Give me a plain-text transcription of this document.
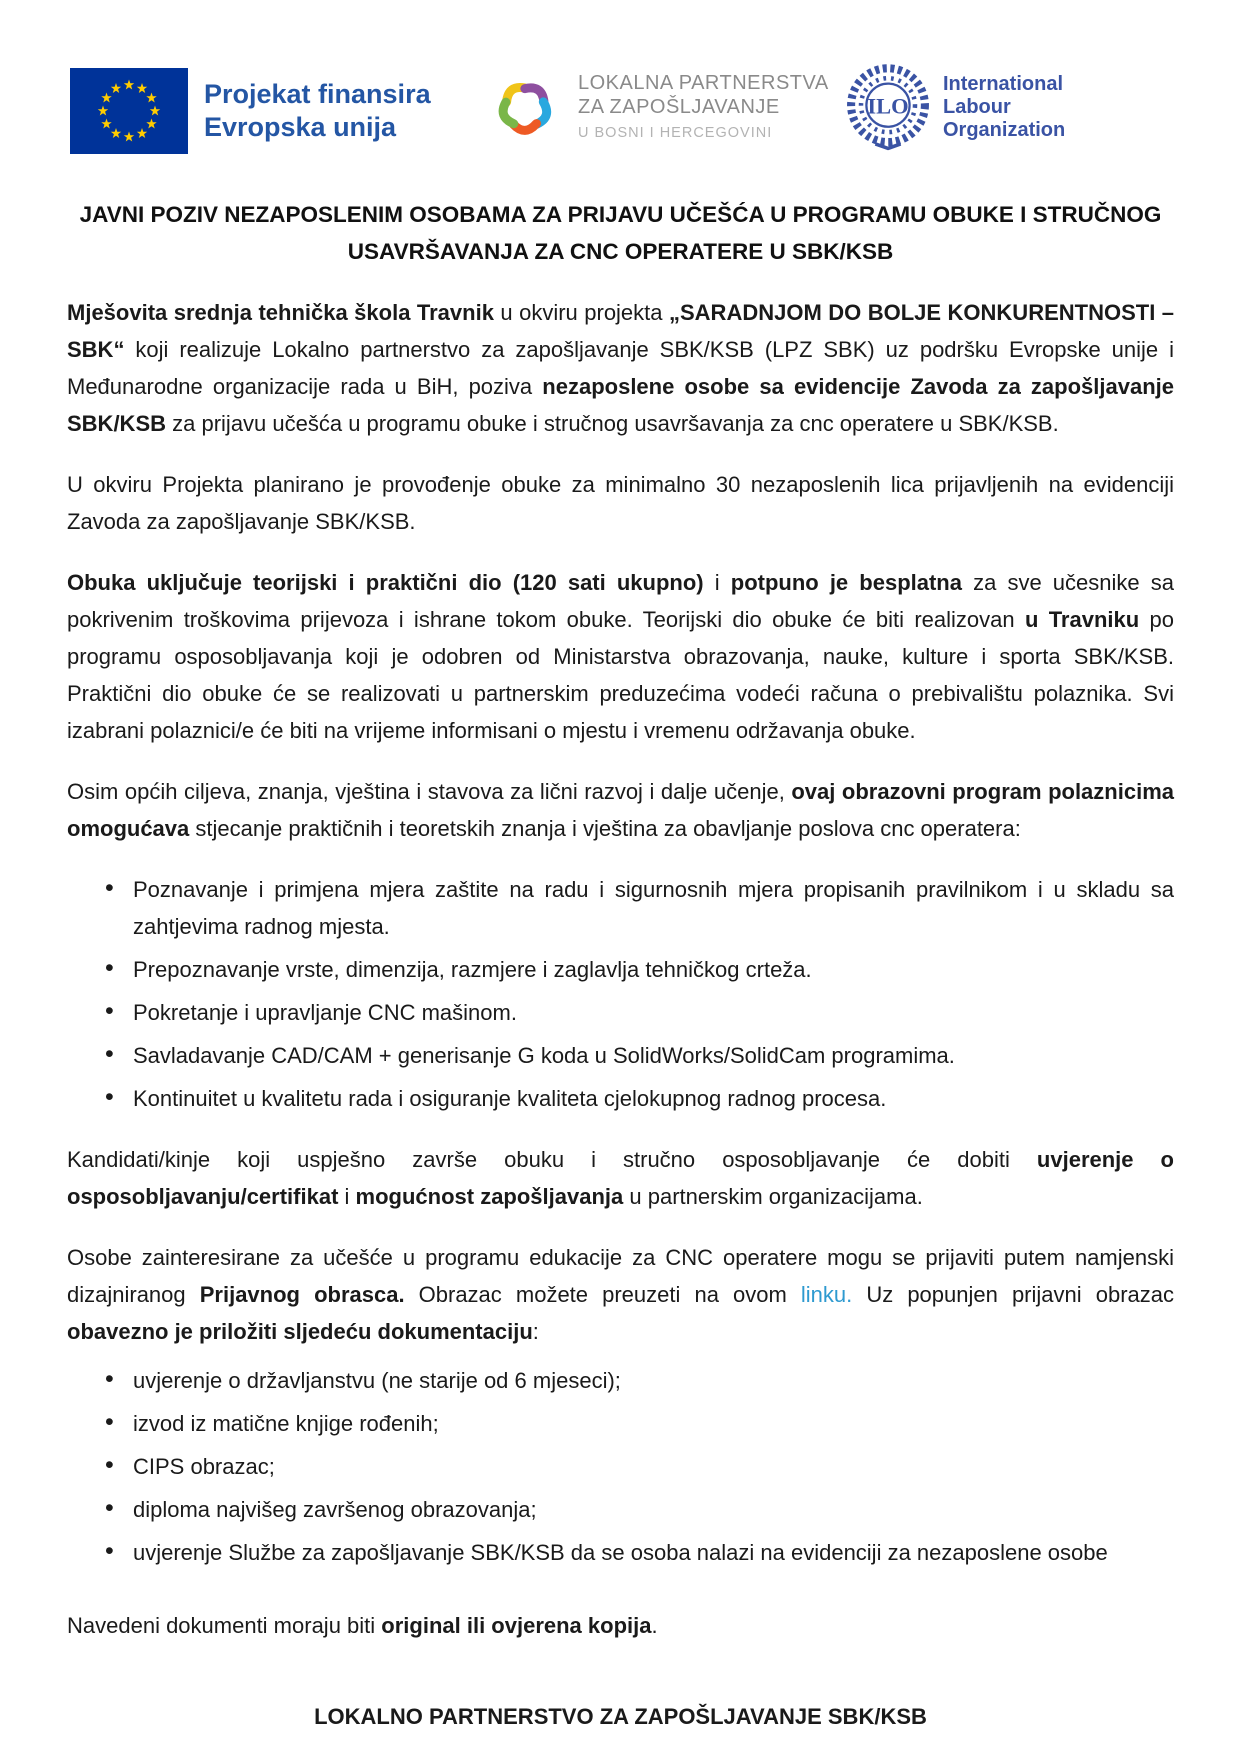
Projekat finansira
Evropska unija
LOKALNA PARTNERSTVA
ZA ZAPOŠLJAVANJE
U BOSNI I HERCEGOVINI
ILO
International
Labour
Organization
JAVNI POZIV NEZAPOSLENIM OSOBAMA ZA PRIJAVU UČEŠĆA U PROGRAMU OBUKE I STRUČNOG
USAVRŠAVANJA ZA CNC OPERATERE U SBK/KSB

Mješovita srednja tehnička škola Travnik u okviru projekta „SARADNJOM DO BOLJE KONKURENTNOSTI – SBK“ koji realizuje Lokalno partnerstvo za zapošljavanje SBK/KSB (LPZ SBK) uz podršku Evropske unije i Međunarodne organizacije rada u BiH, poziva nezaposlene osobe sa evidencije Zavoda za zapošljavanje SBK/KSB za prijavu učešća u programu obuke i stručnog usavršavanja za cnc operatere u SBK/KSB.

U okviru Projekta planirano je provođenje obuke za minimalno 30 nezaposlenih lica prijavljenih na evidenciji Zavoda za zapošljavanje SBK/KSB.

Obuka uključuje teorijski i praktični dio (120 sati ukupno) i potpuno je besplatna za sve učesnike sa pokrivenim troškovima prijevoza i ishrane tokom obuke. Teorijski dio obuke će biti realizovan u Travniku po programu osposobljavanja koji je odobren od Ministarstva obrazovanja, nauke, kulture i sporta SBK/KSB. Praktični dio obuke će se realizovati u partnerskim preduzećima vodeći računa o prebivalištu polaznika. Svi izabrani polaznici/e će biti na vrijeme informisani o mjestu i vremenu održavanja obuke.

Osim općih ciljeva, znanja, vještina i stavova za lični razvoj i dalje učenje, ovaj obrazovni program polaznicima omogućava stjecanje praktičnih i teoretskih znanja i vještina za obavljanje poslova cnc operatera:

• Poznavanje i primjena mjera zaštite na radu i sigurnosnih mjera propisanih pravilnikom i u skladu sa zahtjevima radnog mjesta.
• Prepoznavanje vrste, dimenzija, razmjere i zaglavlja tehničkog crteža.
• Pokretanje i upravljanje CNC mašinom.
• Savladavanje CAD/CAM + generisanje G koda u SolidWorks/SolidCam programima.
• Kontinuitet u kvalitetu rada i osiguranje kvaliteta cjelokupnog radnog procesa.

Kandidati/kinje koji uspješno završe obuku i stručno osposobljavanje će dobiti uvjerenje o osposobljavanju/certifikat i mogućnost zapošljavanja u partnerskim organizacijama.

Osobe zainteresirane za učešće u programu edukacije za CNC operatere mogu se prijaviti putem namjenski dizajniranog Prijavnog obrasca. Obrazac možete preuzeti na ovom linku. Uz popunjen prijavni obrazac obavezno je priložiti sljedeću dokumentaciju:

• uvjerenje o državljanstvu (ne starije od 6 mjeseci);
• izvod iz matične knjige rođenih;
• CIPS obrazac;
• diploma najvišeg završenog obrazovanja;
• uvjerenje Službe za zapošljavanje SBK/KSB da se osoba nalazi na evidenciji za nezaposlene osobe

Navedeni dokumenti moraju biti original ili ovjerena kopija.

LOKALNO PARTNERSTVO ZA ZAPOŠLJAVANJE SBK/KSB
